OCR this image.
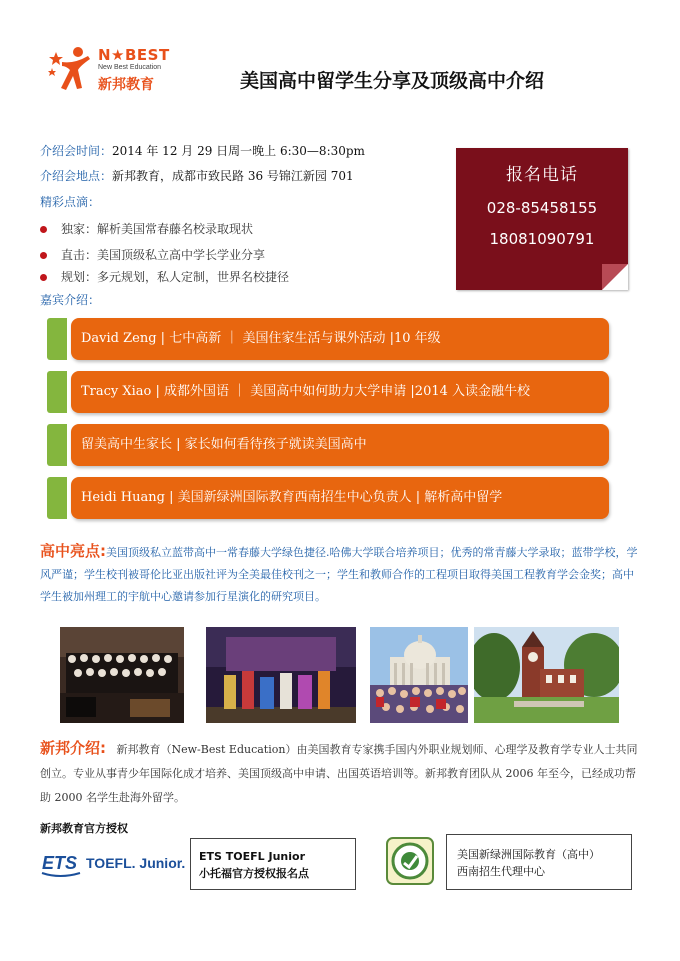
N★BEST
New Best Education
新邦教育	美国高中留学生分享及顶级高中介绍
介绍会时间：2014 年 12 月 29 日周一晚上 6:30—8:30pm
介绍会地点：新邦教育，成都市致民路 36 号锦江新园 701
精彩点滴：
独家：解析美国常春藤名校录取现状
直击：美国顶级私立高中学长学业分享
规划：多元规划，私人定制，世界名校捷径
嘉宾介绍：
报名电话
028-85458155
18081090791
David Zeng | 七中高新 ｜ 美国住家生活与课外活动 |10 年级
Tracy Xiao | 成都外国语 ｜ 美国高中如何助力大学申请 |2014 入读金融牛校
留美高中生家长 | 家长如何看待孩子就读美国高中
Heidi Huang | 美国新绿洲国际教育西南招生中心负责人 | 解析高中留学
高中亮点:美国顶级私立蓝带高中一常春藤大学绿色捷径.哈佛大学联合培养项目；优秀的常青藤大学录取；蓝带学校，学风严谨；学生校刊被哥伦比亚出版社评为全美最佳校刊之一；学生和教师合作的工程项目取得美国工程教育学会金奖；高中学生被加州理工的宇航中心邀请参加行星演化的研究项目。
新邦介绍: 新邦教育（New-Best Education）由美国教育专家携手国内外职业规划师、心理学及教育学专业人士共同创立。专业从事青少年国际化成才培养、美国顶级高中申请、出国英语培训等。新邦教育团队从 2006 年至今，已经成功帮助 2000 名学生赴海外留学。
新邦教育官方授权
ETS TOEFL. Junior. ETS TOEFL Junior
小托福官方授权报名点
美国新绿洲国际教育（高中）
西南招生代理中心
